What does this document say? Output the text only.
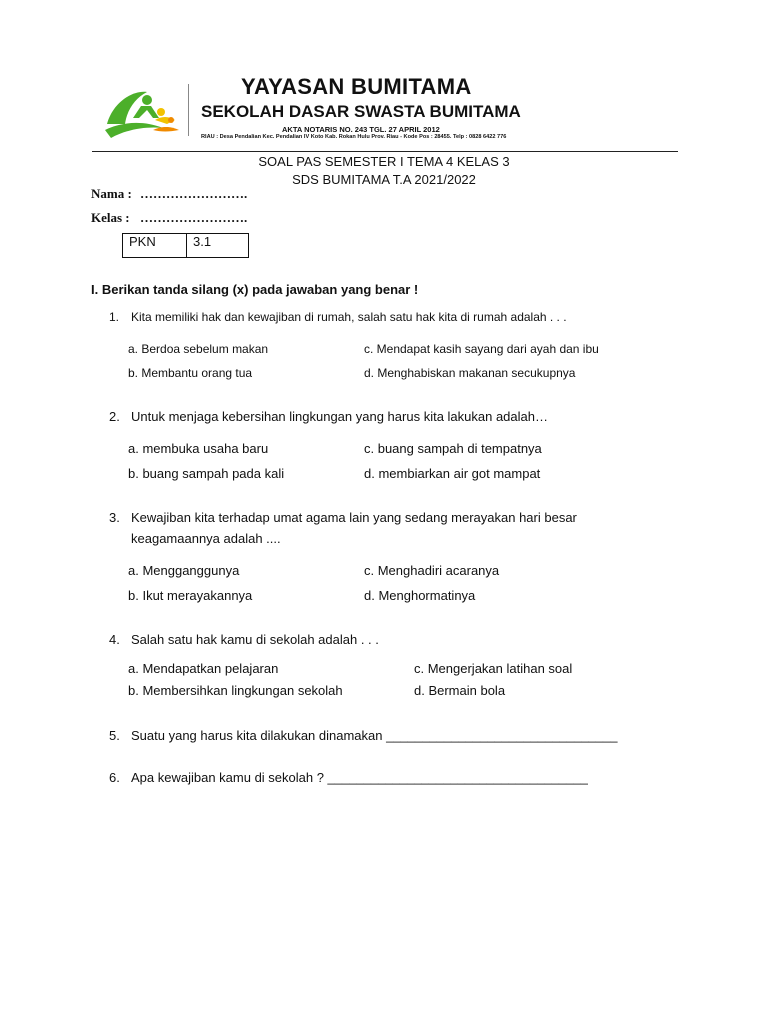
YAYASAN BUMITAMA
SEKOLAH DASAR SWASTA BUMITAMA
AKTA NOTARIS NO. 243 TGL. 27 APRIL 2012
RIAU : Desa Pendalian Kec. Pendalian IV Koto Kab. Rokan Hulu Prov. Riau - Kode Pos : 28455. Telp : 0828 6422 776
SOAL PAS SEMESTER I TEMA 4 KELAS 3
SDS BUMITAMA T.A 2021/2022
Nama : …………………….
Kelas : …………………….
PKN	3.1
I. Berikan tanda silang (x) pada jawaban yang benar !
1. Kita memiliki hak dan kewajiban di rumah, salah satu hak kita di rumah adalah . . .
a. Berdoa sebelum makan	c. Mendapat kasih sayang dari ayah dan ibu
b. Membantu orang tua	d. Menghabiskan makanan secukupnya
2. Untuk menjaga kebersihan lingkungan yang harus kita lakukan adalah…
a. membuka usaha baru	c. buang sampah di tempatnya
b. buang sampah pada kali	d. membiarkan air got mampat
3. Kewajiban kita terhadap umat agama lain yang sedang merayakan hari besar
keagamaannya adalah ....
a. Mengganggunya	c. Menghadiri acaranya
b. Ikut merayakannya	d. Menghormatinya
4. Salah satu hak kamu di sekolah adalah . . .
a. Mendapatkan pelajaran	c. Mengerjakan latihan soal
b. Membersihkan lingkungan sekolah	d. Bermain bola
5. Suatu yang harus kita dilakukan dinamakan ________________________________
6. Apa kewajiban kamu di sekolah ? ____________________________________
